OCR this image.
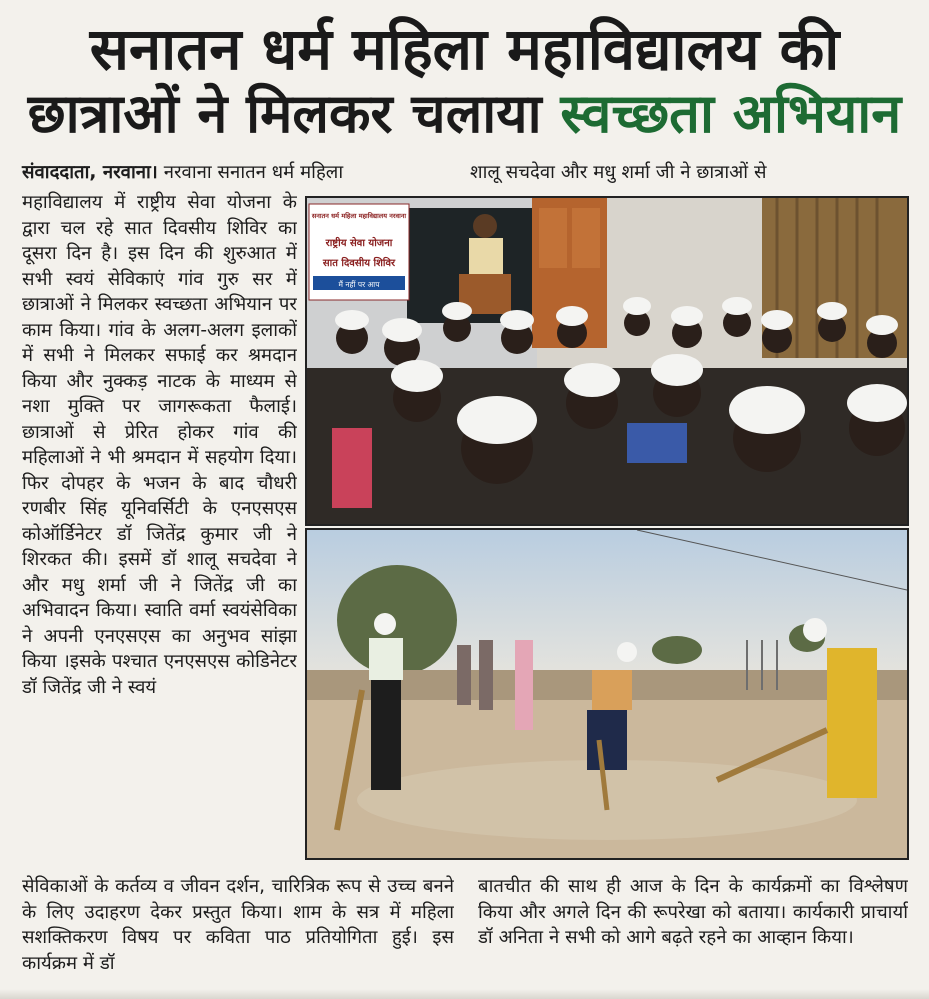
सनातन धर्म महिला महाविद्यालय की
छात्राओं ने मिलकर चलाया स्वच्छता अभियान
संवाददाता, नरवाना। नरवाना सनातन धर्म महिला	शालू सचदेवा और मधु शर्मा जी ने छात्राओं से
महाविद्यालय में राष्ट्रीय सेवा योजना के द्वारा चल रहे सात दिवसीय शिविर का दूसरा दिन है। इस दिन की शुरुआत में सभी स्वयं सेविकाएं गांव गुरु सर में छात्राओं ने मिलकर स्वच्छता अभियान पर काम किया। गांव के अलग-अलग इलाकों में सभी ने मिलकर सफाई कर श्रमदान किया और नुक्कड़ नाटक के माध्यम से नशा मुक्ति पर जागरूकता फैलाई।छात्राओं से प्रेरित होकर गांव की महिलाओं ने भी श्रमदान में सहयोग दिया। फिर दोपहर के भजन के बाद चौधरी रणबीर सिंह यूनिवर्सिटी के एनएसएस कोऑर्डिनेटर डॉ जितेंद्र कुमार जी ने शिरकत की। इसमें डॉ शालू सचदेवा ने और मधु शर्मा जी ने जितेंद्र जी का अभिवादन किया। स्वाति वर्मा स्वयंसेविका ने अपनी एनएसएस का अनुभव सांझा किया ।इसके पश्चात एनएसएस कोडिनेटर डॉ जितेंद्र जी ने स्वयं
सेविकाओं के कर्तव्य व जीवन दर्शन, चारित्रिक रूप से उच्च बनने के लिए उदाहरण देकर प्रस्तुत किया। शाम के सत्र में महिला सशक्तिकरण विषय पर कविता पाठ प्रतियोगिता हुई। इस कार्यक्रम में डॉ
बातचीत की साथ ही आज के दिन के कार्यक्रमों का विश्लेषण किया और अगले दिन की रूपरेखा को बताया। कार्यकारी प्राचार्या डॉ अनिता ने सभी को आगे बढ़ते रहने का आव्हान किया।
सनातन धर्म महिला महाविद्यालय नरवाना
राष्ट्रीय सेवा योजना
सात दिवसीय शिविर
मैं नहीं पर आप
